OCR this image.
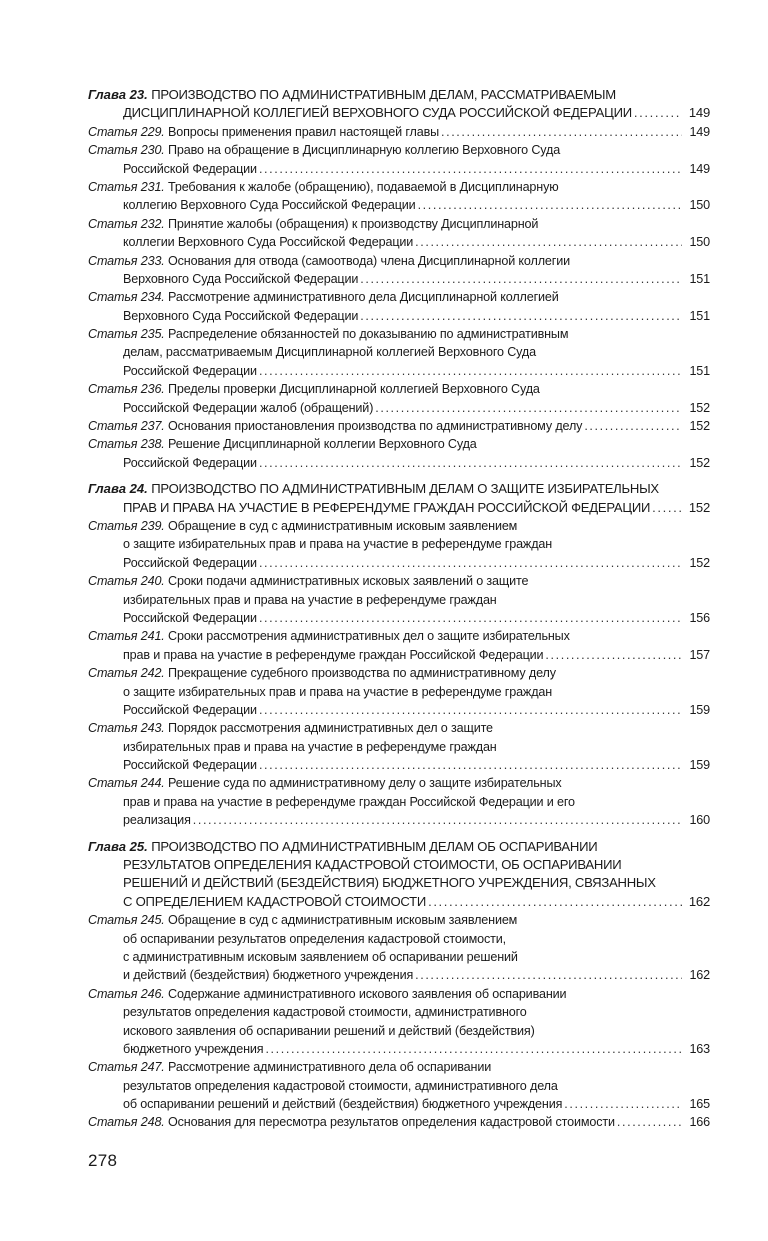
Глава 23. ПРОИЗВОДСТВО ПО АДМИНИСТРАТИВНЫМ ДЕЛАМ, РАССМАТРИВАЕМЫМ
ДИСЦИПЛИНАРНОЙ КОЛЛЕГИЕЙ ВЕРХОВНОГО СУДА РОССИЙСКОЙ ФЕДЕРАЦИИ .....	149
Статья 229. Вопросы применения правил настоящей главы .....	149
Статья 230. Право на обращение в Дисциплинарную коллегию Верховного Суда
Российской Федерации .....	149
Статья 231. Требования к жалобе (обращению), подаваемой в Дисциплинарную
коллегию Верховного Суда Российской Федерации .....	150
Статья 232. Принятие жалобы (обращения) к производству Дисциплинарной
коллегии Верховного Суда Российской Федерации .....	150
Статья 233. Основания для отвода (самоотвода) члена Дисциплинарной коллегии
Верховного Суда Российской Федерации .....	151
Статья 234. Рассмотрение административного дела Дисциплинарной коллегией
Верховного Суда Российской Федерации .....	151
Статья 235. Распределение обязанностей по доказыванию по административным
делам, рассматриваемым Дисциплинарной коллегией Верховного Суда
Российской Федерации .....	151
Статья 236. Пределы проверки Дисциплинарной коллегией Верховного Суда
Российской Федерации жалоб (обращений) .....	152
Статья 237. Основания приостановления производства по административному делу .....	152
Статья 238. Решение Дисциплинарной коллегии Верховного Суда
Российской Федерации .....	152
Глава 24. ПРОИЗВОДСТВО ПО АДМИНИСТРАТИВНЫМ ДЕЛАМ О ЗАЩИТЕ ИЗБИРАТЕЛЬНЫХ
ПРАВ И ПРАВА НА УЧАСТИЕ В РЕФЕРЕНДУМЕ ГРАЖДАН РОССИЙСКОЙ ФЕДЕРАЦИИ .....	152
Статья 239. Обращение в суд с административным исковым заявлением
о защите избирательных прав и права на участие в референдуме граждан
Российской Федерации .....	152
Статья 240. Сроки подачи административных исковых заявлений о защите
избирательных прав и права на участие в референдуме граждан
Российской Федерации .....	156
Статья 241. Сроки рассмотрения административных дел о защите избирательных
прав и права на участие в референдуме граждан Российской Федерации .....	157
Статья 242. Прекращение судебного производства по административному делу
о защите избирательных прав и права на участие в референдуме граждан
Российской Федерации .....	159
Статья 243. Порядок рассмотрения административных дел о защите
избирательных прав и права на участие в референдуме граждан
Российской Федерации .....	159
Статья 244. Решение суда по административному делу о защите избирательных
прав и права на участие в референдуме граждан Российской Федерации и его
реализация .....	160
Глава 25. ПРОИЗВОДСТВО ПО АДМИНИСТРАТИВНЫМ ДЕЛАМ ОБ ОСПАРИВАНИИ
РЕЗУЛЬТАТОВ ОПРЕДЕЛЕНИЯ КАДАСТРОВОЙ СТОИМОСТИ, ОБ ОСПАРИВАНИИ
РЕШЕНИЙ И ДЕЙСТВИЙ (БЕЗДЕЙСТВИЯ) БЮДЖЕТНОГО УЧРЕЖДЕНИЯ, СВЯЗАННЫХ
С ОПРЕДЕЛЕНИЕМ КАДАСТРОВОЙ СТОИМОСТИ .....	162
Статья 245. Обращение в суд с административным исковым заявлением
об оспаривании результатов определения кадастровой стоимости,
с административным исковым заявлением об оспаривании решений
и действий (бездействия) бюджетного учреждения .....	162
Статья 246. Содержание административного искового заявления об оспаривании
результатов определения кадастровой стоимости, административного
искового заявления об оспаривании решений и действий (бездействия)
бюджетного учреждения .....	163
Статья 247. Рассмотрение административного дела об оспаривании
результатов определения кадастровой стоимости, административного дела
об оспаривании решений и действий (бездействия) бюджетного учреждения .....	165
Статья 248. Основания для пересмотра результатов определения кадастровой стоимости .....	166
278
